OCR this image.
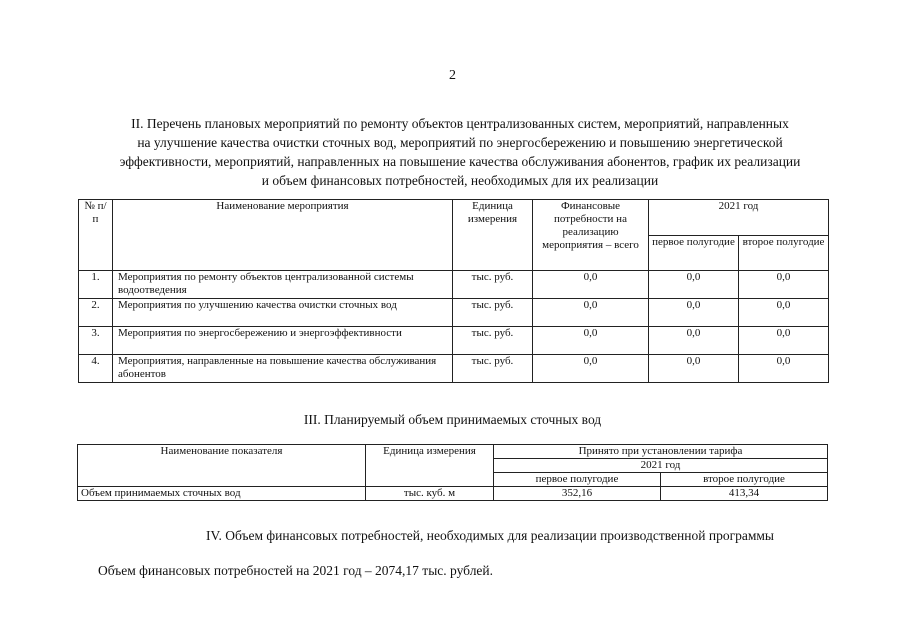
2
II. Перечень плановых мероприятий по ремонту объектов централизованных систем, мероприятий, направленных
на улучшение качества очистки сточных вод, мероприятий по энергосбережению и повышению энергетической
эффективности, мероприятий, направленных на повышение качества обслуживания абонентов, график их реализации
и объем финансовых потребностей, необходимых для их реализации
№ п/п	Наименование мероприятия	Единица измерения	Финансовые потребности на реализацию мероприятия – всего	2021 год	
				первое полугодие	второе полугодие
1.	Мероприятия по ремонту объектов централизованной системы водоотведения	тыс. руб.	0,0	0,0	0,0
2.	Мероприятия по улучшению качества очистки сточных вод	тыс. руб.	0,0	0,0	0,0
3.	Мероприятия по энергосбережению и энергоэффективности	тыс. руб.	0,0	0,0	0,0
4.	Мероприятия, направленные на повышение качества обслуживания абонентов	тыс. руб.	0,0	0,0	0,0
III. Планируемый объем принимаемых сточных вод
Наименование показателя	Единица измерения	Принято при установлении тарифа	
		2021 год	
		первое полугодие	второе полугодие
Объем принимаемых сточных вод	тыс. куб. м	352,16	413,34
IV. Объем финансовых потребностей, необходимых для реализации производственной программы
Объем финансовых потребностей на 2021 год – 2074,17 тыс. рублей.
